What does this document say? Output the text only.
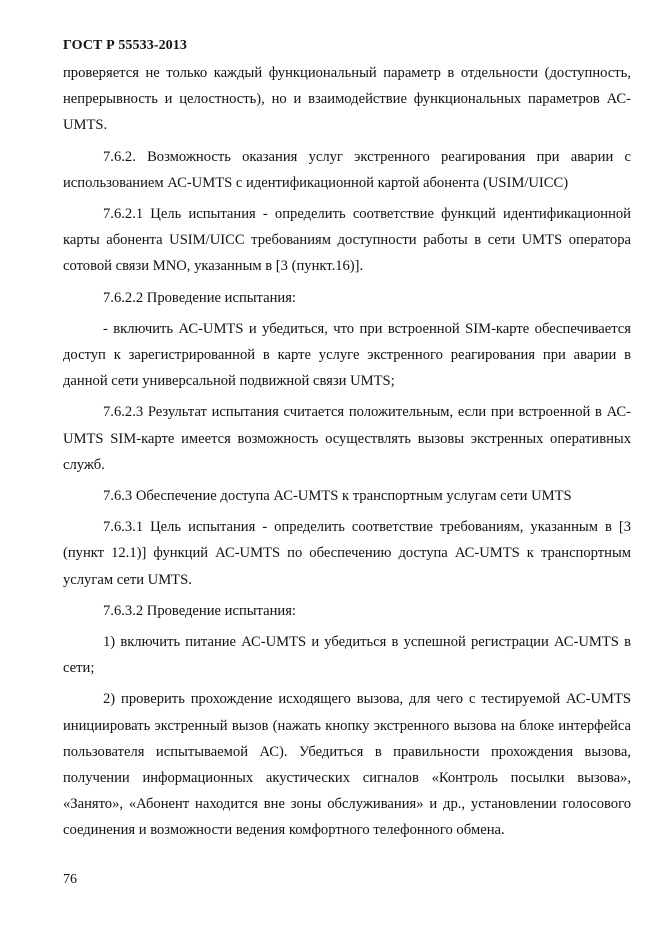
ГОСТ Р 55533-2013

проверяется не только каждый функциональный параметр в отдельности (доступность, непрерывность и целостность), но и взаимодействие функциональных параметров АС-UMTS.

7.6.2. Возможность оказания услуг экстренного реагирования при аварии с использованием АС-UMTS с идентификационной картой абонента (USIM/UICC)

7.6.2.1 Цель испытания - определить соответствие функций идентификационной карты абонента USIM/UICC требованиям доступности работы в сети UMTS оператора сотовой связи MNO, указанным в [3 (пункт.16)].

7.6.2.2 Проведение испытания:

- включить АС-UMTS и убедиться, что при встроенной SIM-карте обеспечивается доступ к зарегистрированной в карте услуге экстренного реагирования при аварии в данной сети универсальной подвижной связи UMTS;

7.6.2.3 Результат испытания считается положительным, если при встроенной в АС-UMTS SIM-карте имеется возможность осуществлять вызовы экстренных оперативных служб.

7.6.3 Обеспечение доступа АС-UMTS к транспортным услугам сети UMTS

7.6.3.1 Цель испытания - определить соответствие требованиям, указанным в [3 (пункт 12.1)] функций АС-UMTS по обеспечению доступа АС-UMTS к транспортным услугам сети UMTS.

7.6.3.2 Проведение испытания:

1) включить питание АС-UMTS и убедиться в успешной регистрации АС-UMTS в сети;

2) проверить прохождение исходящего вызова, для чего с тестируемой АС-UMTS инициировать экстренный вызов (нажать кнопку экстренного вызова на блоке интерфейса пользователя испытываемой АС). Убедиться в правильности прохождения вызова, получении информационных акустических сигналов «Контроль посылки вызова», «Занято», «Абонент находится вне зоны обслуживания» и др., установлении голосового соединения и возможности ведения комфортного телефонного обмена.

76
